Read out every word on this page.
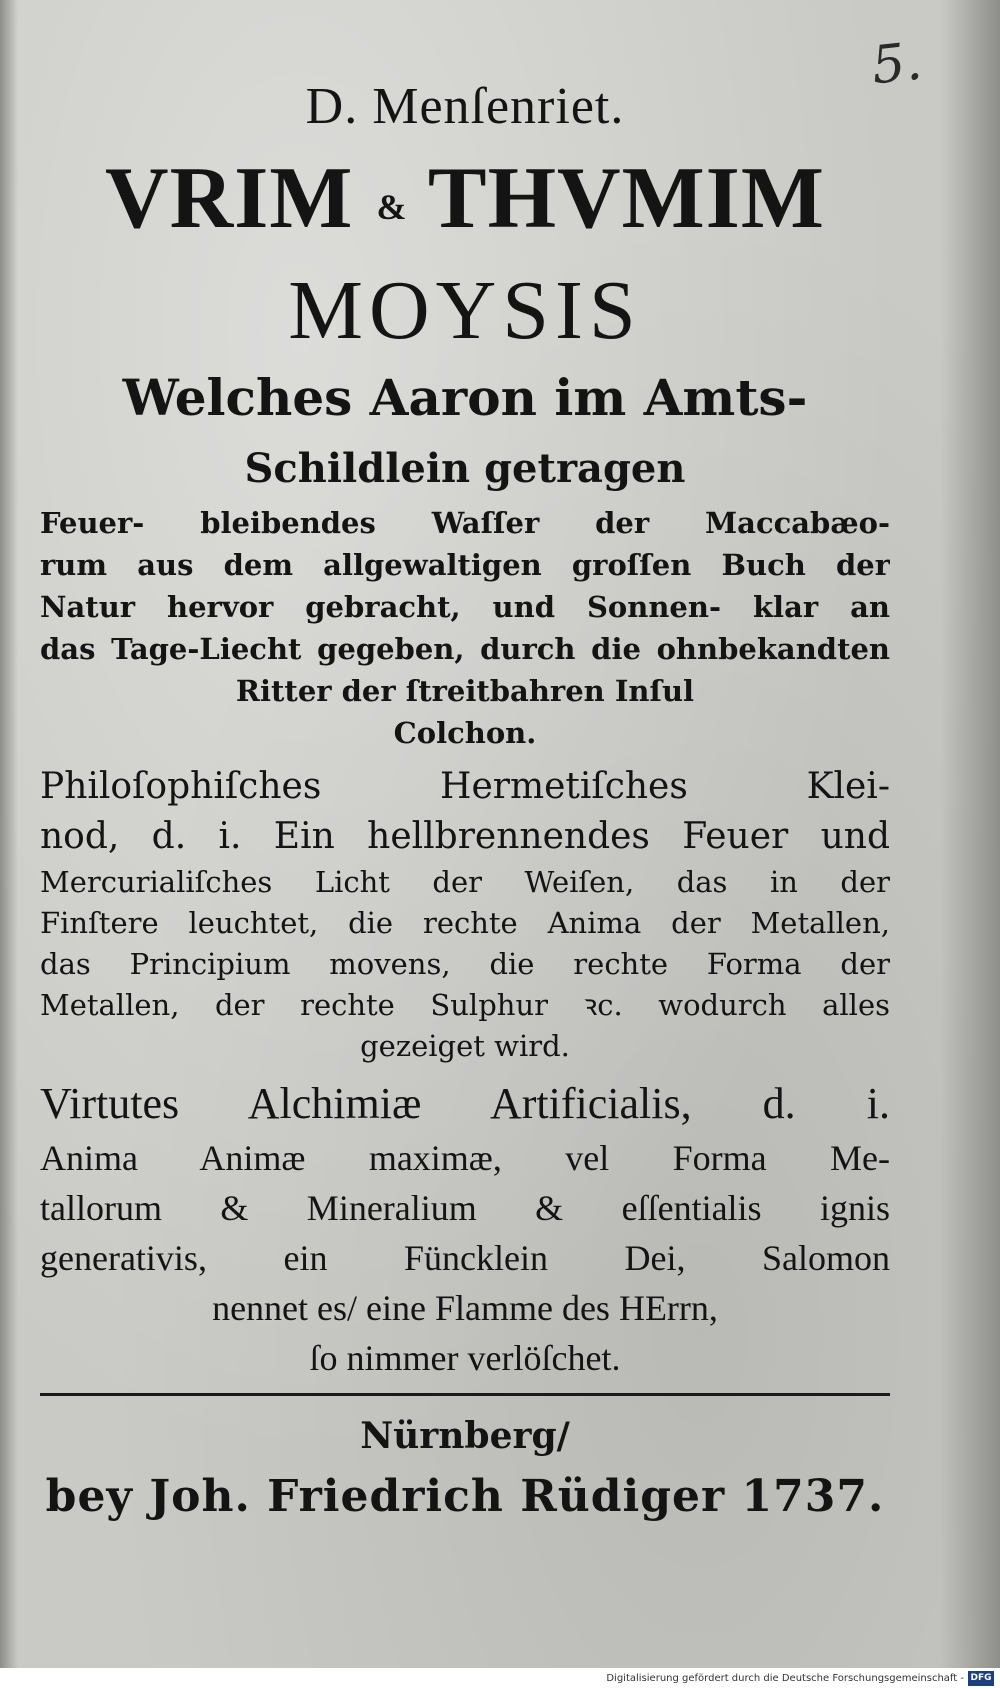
5.
D. Menſenriet.
VRIM & THVMIM
MOYSIS
Welches Aaron im Amts-
Schildlein getragen
Feuer- bleibendes Waſſer der Maccabæo-
rum aus dem allgewaltigen groſſen Buch der
Natur hervor gebracht, und Sonnen- klar an
das Tage-Liecht gegeben, durch die ohnbekandten
Ritter der ſtreitbahren Inſul
Colchon.
Philoſophiſches Hermetiſches Klei-
nod, d. i. Ein hellbrennendes Feuer und
Mercurialiſches Licht der Weiſen, das in der
Finſtere leuchtet, die rechte Anima der Metallen,
das Principium movens, die rechte Forma der
Metallen, der rechte Sulphur ꝛc. wodurch alles
gezeiget wird.
Virtutes Alchimiæ Artificialis, d. i.
Anima Animæ maximæ, vel Forma Me-
tallorum & Mineralium & eſſentialis ignis
generativis, ein Füncklein Dei, Salomon
nennet es/ eine Flamme des HErrn,
ſo nimmer verlöſchet.
Nürnberg/
bey Joh. Friedrich Rüdiger 1737.
Digitalisierung gefördert durch die Deutsche Forschungsgemeinschaft - DFG
